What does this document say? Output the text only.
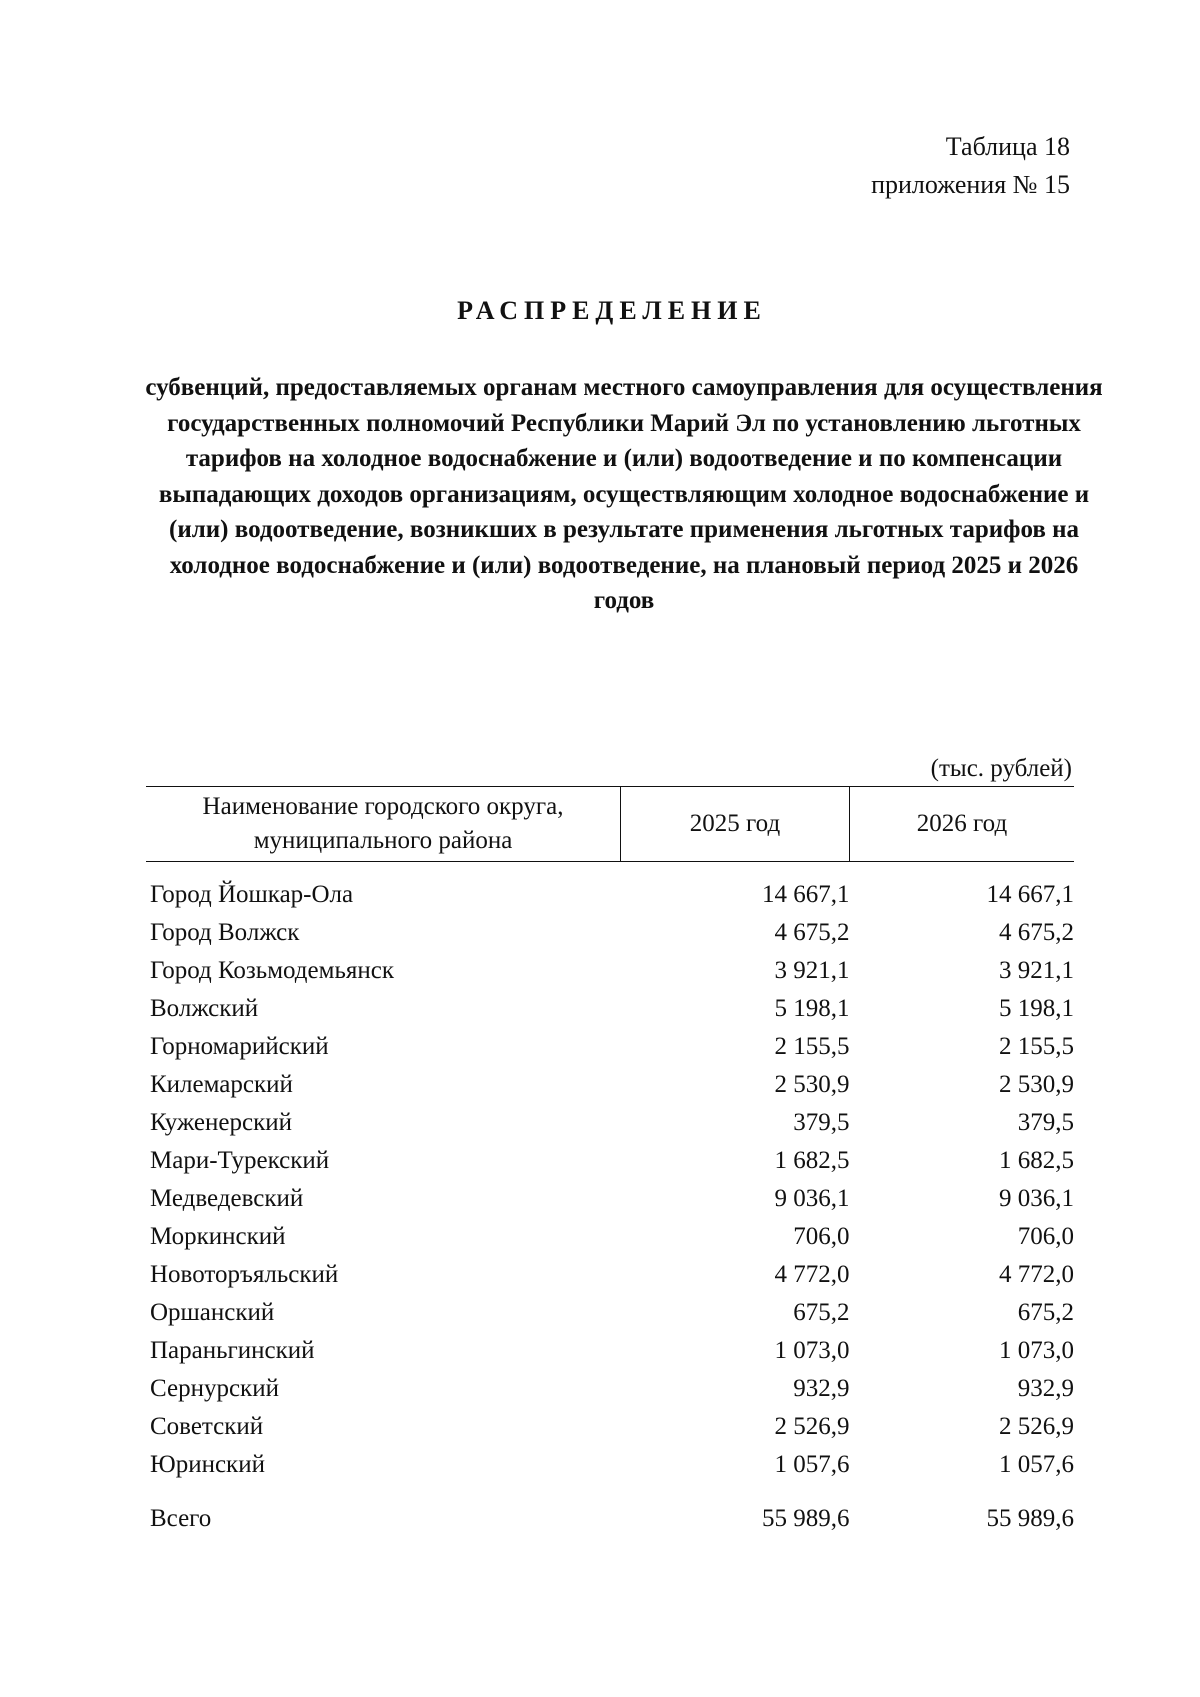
Таблица 18
приложения № 15
РАСПРЕДЕЛЕНИЕ
субвенций, предоставляемых органам местного самоуправления для осуществления государственных полномочий Республики Марий Эл по установлению льготных тарифов на холодное водоснабжение и (или) водоотведение и по компенсации выпадающих доходов организациям, осуществляющим холодное водоснабжение и (или) водоотведение, возникших в результате применения льготных тарифов на холодное водоснабжение и (или) водоотведение, на плановый период 2025 и 2026 годов
(тыс. рублей)
Наименование городского округа, муниципального района	2025 год	2026 год
Город Йошкар-Ола	14 667,1	14 667,1
Город Волжск	4 675,2	4 675,2
Город Козьмодемьянск	3 921,1	3 921,1
Волжский	5 198,1	5 198,1
Горномарийский	2 155,5	2 155,5
Килемарский	2 530,9	2 530,9
Куженерский	379,5	379,5
Мари-Турекский	1 682,5	1 682,5
Медведевский	9 036,1	9 036,1
Моркинский	706,0	706,0
Новоторъяльский	4 772,0	4 772,0
Оршанский	675,2	675,2
Параньгинский	1 073,0	1 073,0
Сернурский	932,9	932,9
Советский	2 526,9	2 526,9
Юринский	1 057,6	1 057,6
Всего	55 989,6	55 989,6
